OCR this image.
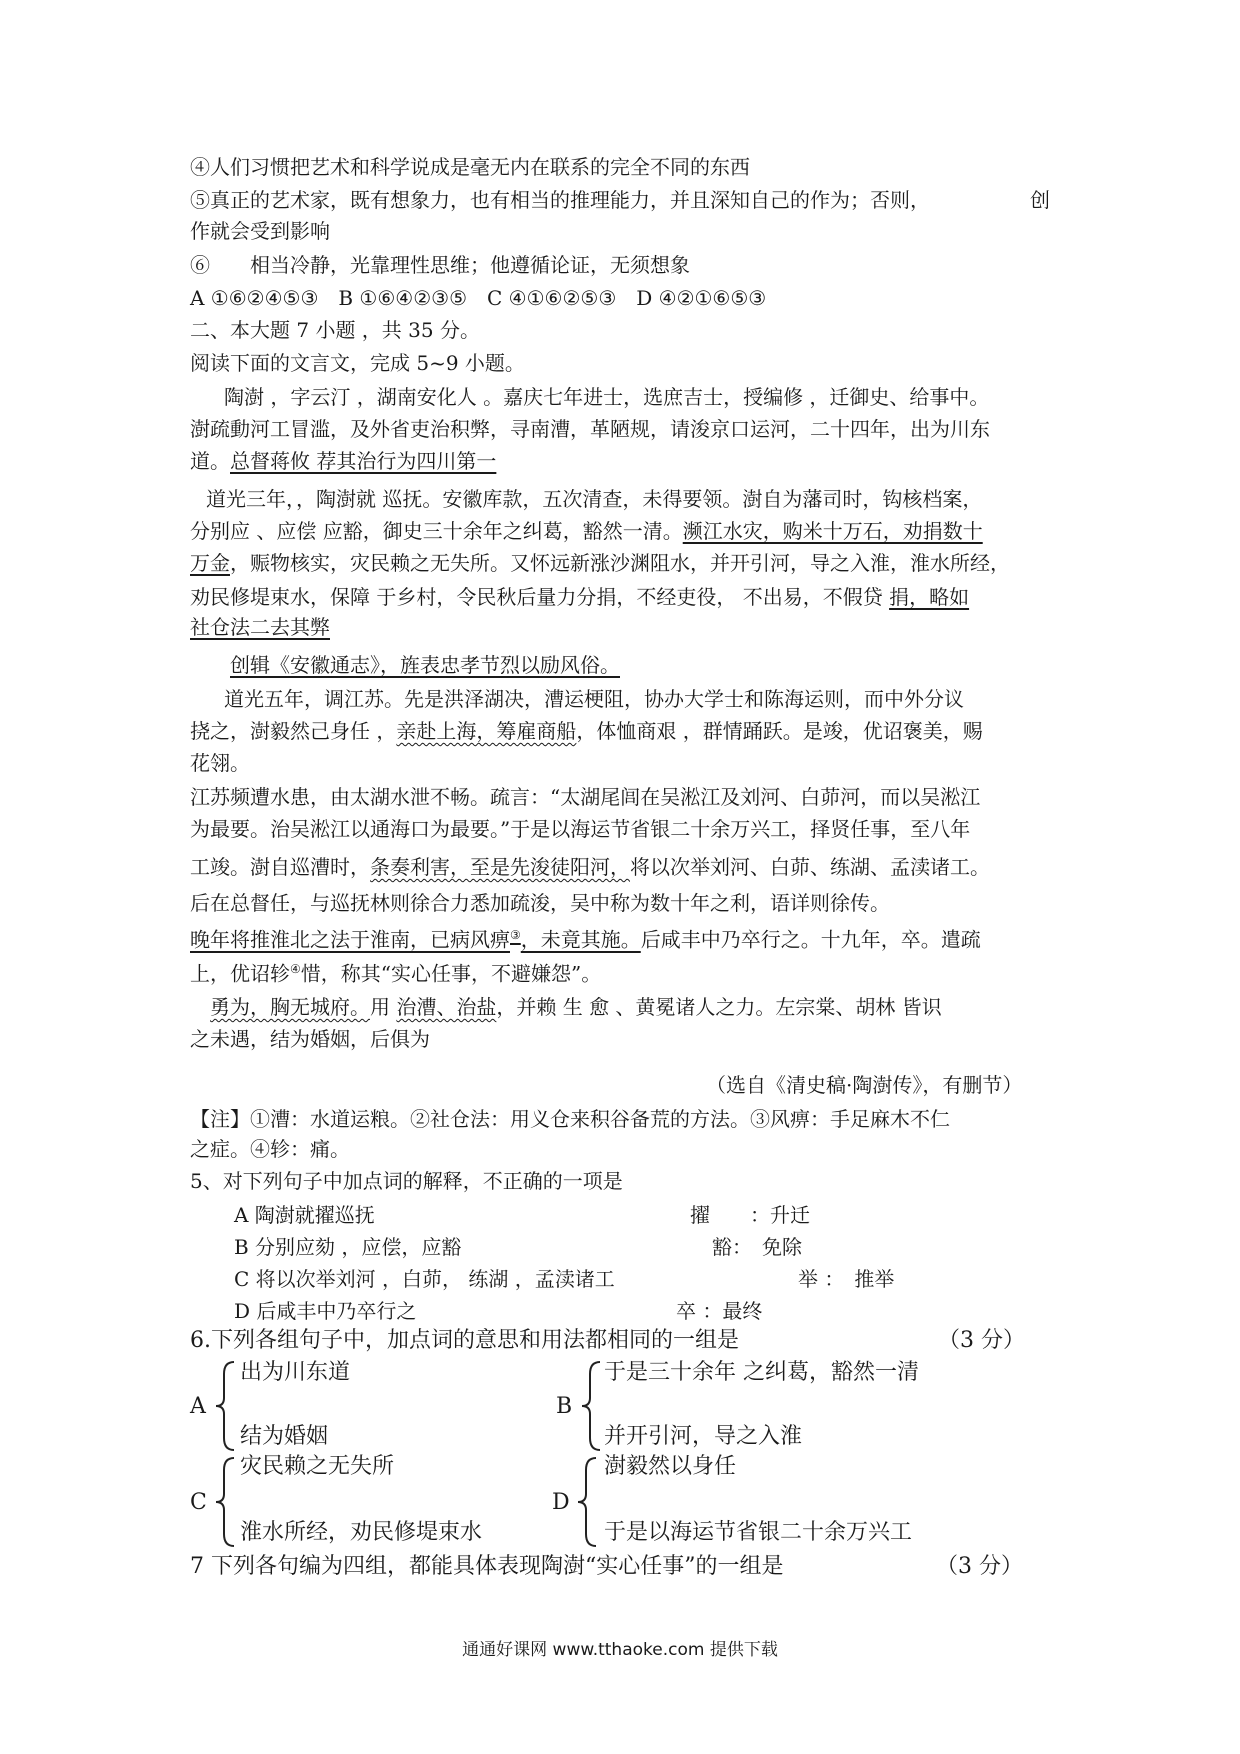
④人们习惯把艺术和科学说成是毫无内在联系的完全不同的东西
⑤真正的艺术家，既有想象力，也有相当的推理能力，并且深知自己的作为；否则，	创
作就会受到影响
⑥　　相当冷静，光靠理性思维；他遵循论证，无须想象
A ①⑥②④⑤③　B ①⑥④②③⑤　C ④①⑥②⑤③　D ④②①⑥⑤③
二、本大题 7 小题 ，共 35 分。
阅读下面的文言文，完成 5~9 小题。
陶澍 ，字云汀 ，湖南安化人 。嘉庆七年进士，选庶吉士，授编修 ，迁御史、给事中。
澍疏動河工冒滥，及外省吏治积弊，寻南漕，革陋规，请浚京口运河，二十四年，出为川东
道。总督蒋攸 荐其治行为四川第一
道光三年，，陶澍就 巡抚。安徽库款，五次清查，未得要领。澍自为藩司时，钩核档案，
分别应 、应偿 应豁，御史三十余年之纠葛，豁然一清。濒江水灾，购米十万石，劝捐数十
万金，赈物核实，灾民赖之无失所。又怀远新涨沙渊阻水，并开引河，导之入淮，淮水所经，
劝民修堤束水，保障 于乡村，令民秋后量力分捐，不经吏役， 不出易，不假贷 捐，略如
社仓法二去其弊
创辑《安徽通志》，旌表忠孝节烈以励风俗。
道光五年，调江苏。先是洪泽湖决，漕运梗阻，协办大学士和陈海运则，而中外分议
挠之，澍毅然己身任 ，亲赴上海，筹雇商船，体恤商艰 ，群情踊跃。是竣，优诏褒美，赐
花翎。
江苏频遭水患，由太湖水泄不畅。疏言：“太湖尾闾在吴淞江及刘河、白茆河，而以吴淞江
为最要。治吴淞江以通海口为最要。”于是以海运节省银二十余万兴工，择贤任事，至八年
工竣。澍自巡漕时，条奏利害，至是先浚徒阳河，将以次举刘河、白茆、练湖、孟渎诸工。
后在总督任，与巡抚林则徐合力悉加疏浚，吴中称为数十年之利，语详则徐传。
晚年将推淮北之法于淮南，已病风痹③，未竟其施。后咸丰中乃卒行之。十九年，卒。遣疏
上，优诏轸④惜，称其“实心任事，不避嫌怨”。
勇为，胸无城府。用 治漕、治盐，并赖 生 愈 、黄冕诸人之力。左宗棠、胡林 皆识
之未遇，结为婚姻，后俱为
（选自《清史稿·陶澍传》，有删节）
【注】①漕：水道运粮。②社仓法：用义仓来积谷备荒的方法。③风痹：手足麻木不仁
之症。④轸：痛。
5、对下列句子中加点词的解释，不正确的一项是
A 陶澍就擢巡抚	擢　　：升迁
B 分别应劾 ，应偿，应豁	豁：　免除
C 将以次举刘河 ，白茆， 练湖 ，孟渎诸工	举 ：　推举
D 后咸丰中乃卒行之	卒 ：最终
6.下列各组句子中，加点词的意思和用法都相同的一组是	（3 分）
A
出为川东道
结为婚姻
B
于是三十余年 之纠葛，豁然一清
并开引河，导之入淮
C
灾民赖之无失所
淮水所经，劝民修堤束水
D
澍毅然以身任
于是以海运节省银二十余万兴工
7 下列各句编为四组，都能具体表现陶澍“实心任事”的一组是	（3 分）
通通好课网 www.tthaoke.com 提供下载
